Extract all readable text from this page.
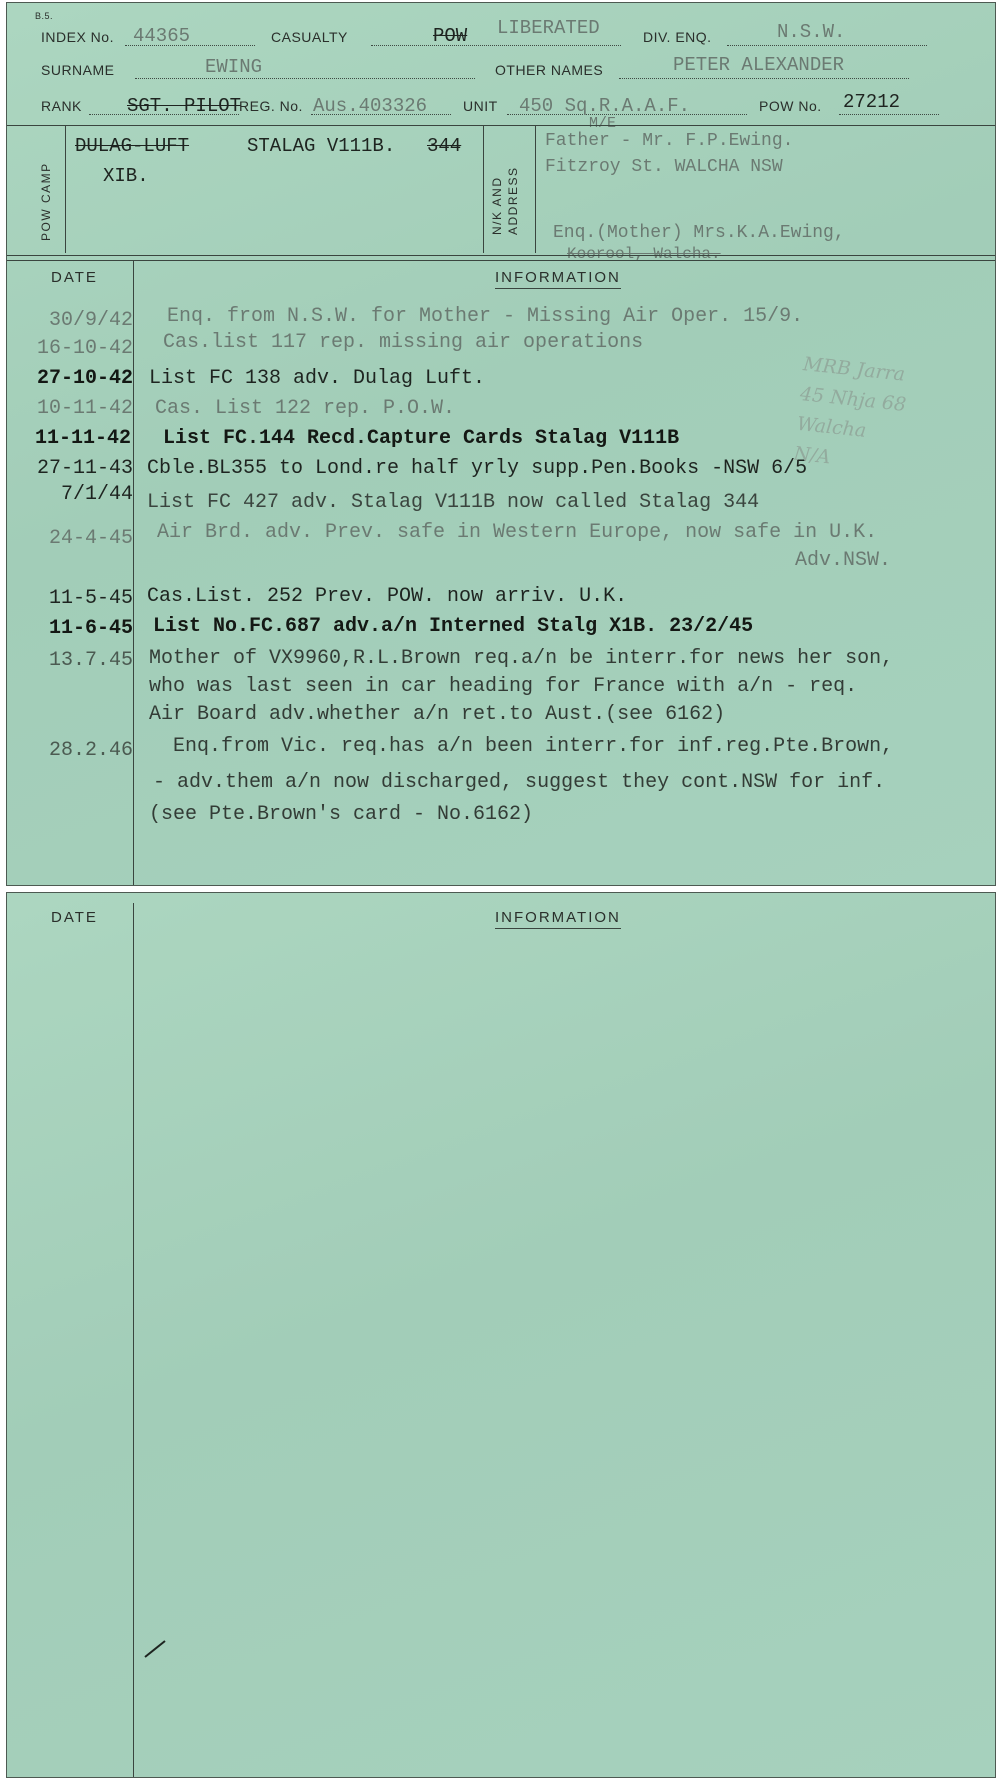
B.5.
INDEX No. 44365	CASUALTY	POW LIBERATED	DIV. ENQ.	N.S.W.
SURNAME	EWING	OTHER NAMES	PETER ALEXANDER
RANK SGT. PILOT
REG. No. Aus.403326	UNIT 450 Sq.R.A.A.F.
M/E
POW No. 27212
POW CAMP	N/K AND ADDRESS
DULAG-LUFT	STALAG V111B. 344
XIB.
Father - Mr. F.P.Ewing.
Fitzroy St. WALCHA NSW
Enq.(Mother) Mrs.K.A.Ewing,
Koorool, Walcha.
DATE	INFORMATION
30/9/42 Enq. from N.S.W. for Mother - Missing Air Oper. 15/9.
16-10-42 Cas.list 117 rep. missing air operations
27-10-42 List FC 138 adv. Dulag Luft.
10-11-42 Cas. List 122 rep. P.O.W.
11-11-42 List FC.144 Recd.Capture Cards Stalag V111B
27-11-43 Cble.BL355 to Lond.re half yrly supp.Pen.Books -NSW 6/5
7/1/44 List FC 427 adv. Stalag V111B now called Stalag 344
24-4-45 Air Brd. adv. Prev. safe in Western Europe, now safe in U.K.
Adv.NSW.
11-5-45 Cas.List. 252 Prev. POW. now arriv. U.K.
11-6-45 List No.FC.687 adv.a/n Interned Stalg X1B. 23/2/45
13.7.45 Mother of VX9960,R.L.Brown req.a/n be interr.for news her son,
who was last seen in car heading for France with a/n - req.
Air Board adv.whether a/n ret.to Aust.(see 6162)
28.2.46 Enq.from Vic. req.has a/n been interr.for inf.reg.Pte.Brown,
- adv.them a/n now discharged, suggest they cont.NSW for inf.
(see Pte.Brown's card - No.6162)
MRB Jarra
45 Nhja 68
Walcha
N/A
DATE	INFORMATION
